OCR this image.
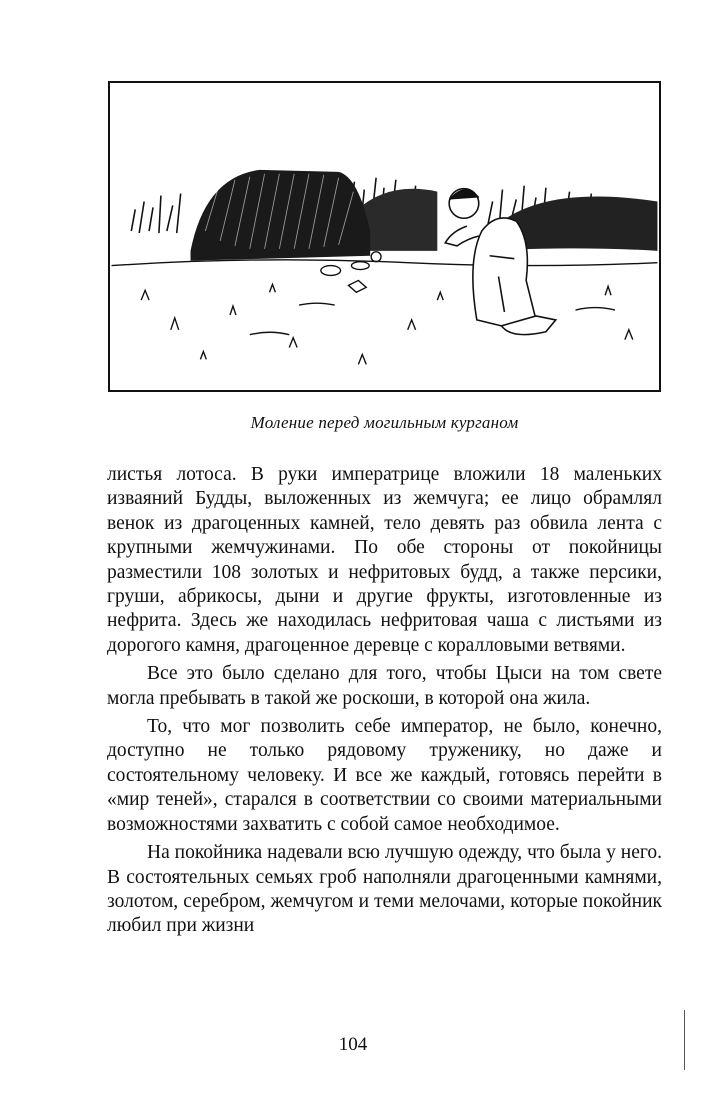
Моление перед могильным курганом

листья лотоса. В руки императрице вложили 18 маленьких изваяний Будды, выложенных из жемчуга; ее лицо обрамлял венок из драгоценных камней, тело девять раз обвила лента с крупными жемчужинами. По обе стороны от покойницы разместили 108 золотых и нефритовых будд, а также персики, груши, абрикосы, дыни и другие фрукты, изготовленные из нефрита. Здесь же находилась нефритовая чаша с листьями из дорогого камня, драгоценное деревце с коралловыми ветвями.

Все это было сделано для того, чтобы Цыси на том свете могла пребывать в такой же роскоши, в которой она жила.

То, что мог позволить себе император, не было, конечно, доступно не только рядовому труженику, но даже и состоятельному человеку. И все же каждый, готовясь перейти в «мир теней», старался в соответствии со своими материальными возможностями захватить с собой самое необходимое.

На покойника надевали всю лучшую одежду, что была у него. В состоятельных семьях гроб наполняли драгоценными камнями, золотом, серебром, жемчугом и теми мелочами, которые покойник любил при жизни

104
